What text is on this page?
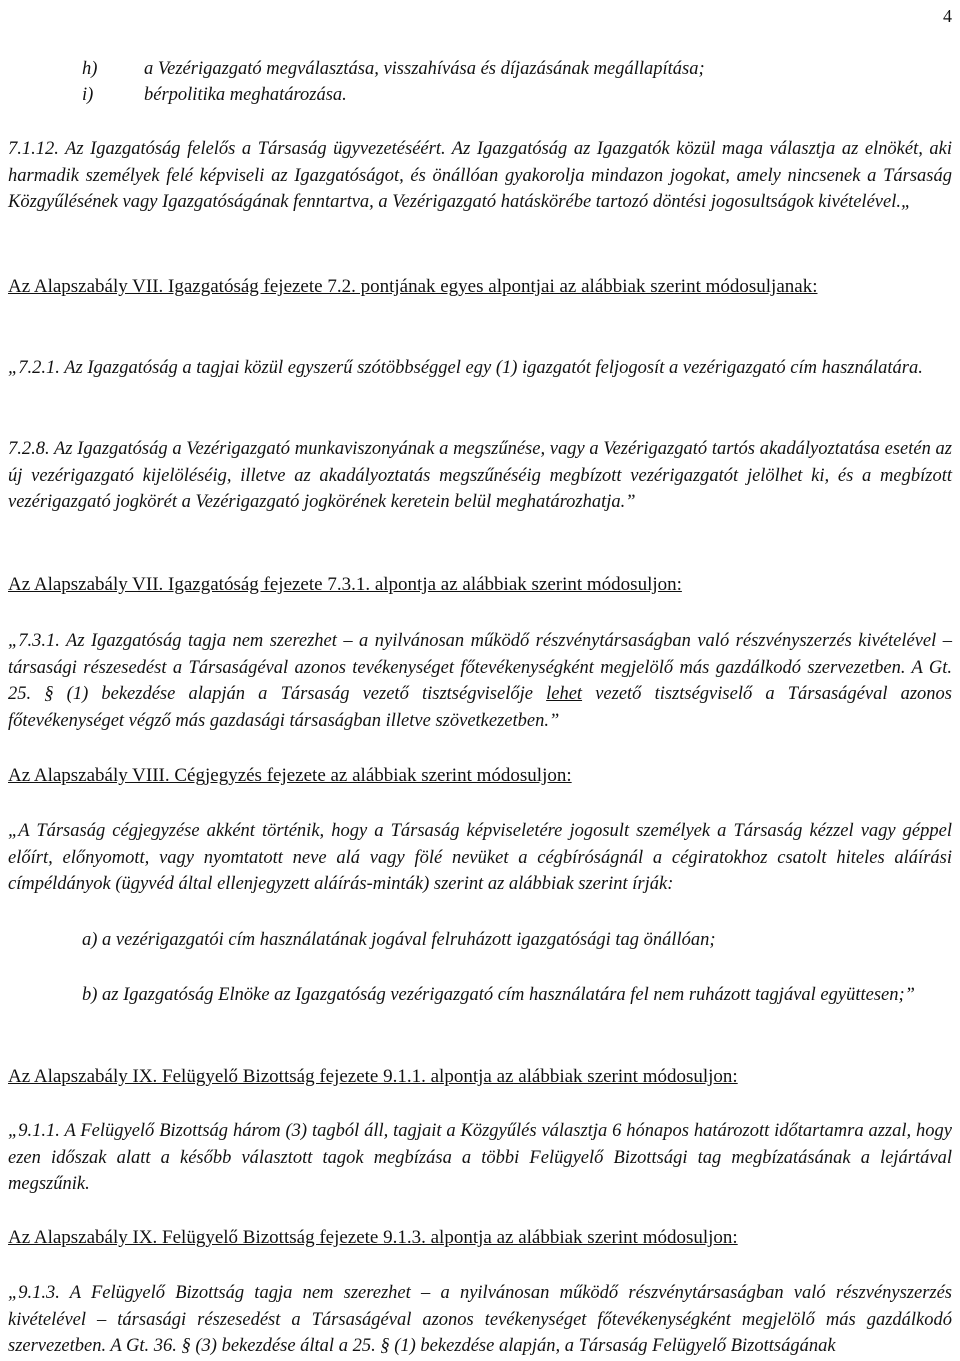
4
h)	a Vezérigazgató megválasztása, visszahívása és díjazásának megállapítása;
i)	bérpolitika meghatározása.
7.1.12. Az Igazgatóság felelős a Társaság ügyvezetéséért. Az Igazgatóság az Igazgatók közül maga választja az elnökét, aki harmadik személyek felé képviseli az Igazgatóságot, és önállóan gyakorolja mindazon jogokat, amely nincsenek a Társaság Közgyűlésének vagy Igazgatóságának fenntartva, a Vezérigazgató hatáskörébe tartozó döntési jogosultságok kivételével.„
Az Alapszabály VII. Igazgatóság fejezete 7.2. pontjának egyes alpontjai az alábbiak szerint módosuljanak:
„7.2.1. Az Igazgatóság a tagjai közül egyszerű szótöbbséggel egy (1) igazgatót feljogosít a vezérigazgató cím használatára.
7.2.8. Az Igazgatóság a Vezérigazgató munkaviszonyának a megszűnése, vagy a Vezérigazgató tartós akadályoztatása esetén az új vezérigazgató kijelöléséig, illetve az akadályoztatás megszűnéséig megbízott vezérigazgatót jelölhet ki, és a megbízott vezérigazgató jogkörét a Vezérigazgató jogkörének keretein belül meghatározhatja.”
Az Alapszabály VII. Igazgatóság fejezete 7.3.1. alpontja az alábbiak szerint módosuljon:
„7.3.1. Az Igazgatóság tagja nem szerezhet – a nyilvánosan működő részvénytársaságban való részvényszerzés kivételével – társasági részesedést a Társaságéval azonos tevékenységet főtevékenységként megjelölő más gazdálkodó szervezetben. A Gt. 25. § (1) bekezdése alapján a Társaság vezető tisztségviselője lehet vezető tisztségviselő a Társaságéval azonos főtevékenységet végző más gazdasági társaságban illetve szövetkezetben.”
Az Alapszabály VIII. Cégjegyzés fejezete az alábbiak szerint módosuljon:
„A Társaság cégjegyzése akként történik, hogy a Társaság képviseletére jogosult személyek a Társaság kézzel vagy géppel előírt, előnyomott, vagy nyomtatott neve alá vagy fölé nevüket a cégbíróságnál a cégiratokhoz csatolt hiteles aláírási címpéldányok (ügyvéd által ellenjegyzett aláírás-minták) szerint az alábbiak szerint írják:
a) a vezérigazgatói cím használatának jogával felruházott igazgatósági tag önállóan;
b) az Igazgatóság Elnöke az Igazgatóság vezérigazgató cím használatára fel nem ruházott tagjával együttesen;”
Az Alapszabály IX. Felügyelő Bizottság fejezete 9.1.1. alpontja az alábbiak szerint módosuljon:
„9.1.1. A Felügyelő Bizottság három (3) tagból áll, tagjait a Közgyűlés választja 6 hónapos határozott időtartamra azzal, hogy ezen időszak alatt a később választott tagok megbízása a többi Felügyelő Bizottsági tag megbízatásának a lejártával megszűnik.
Az Alapszabály IX. Felügyelő Bizottság fejezete 9.1.3. alpontja az alábbiak szerint módosuljon:
„9.1.3. A Felügyelő Bizottság tagja nem szerezhet – a nyilvánosan működő részvénytársaságban való részvényszerzés kivételével – társasági részesedést a Társaságéval azonos tevékenységet főtevékenységként megjelölő más gazdálkodó szervezetben. A Gt. 36. § (3) bekezdése által a 25. § (1) bekezdése alapján, a Társaság Felügyelő Bizottságának
